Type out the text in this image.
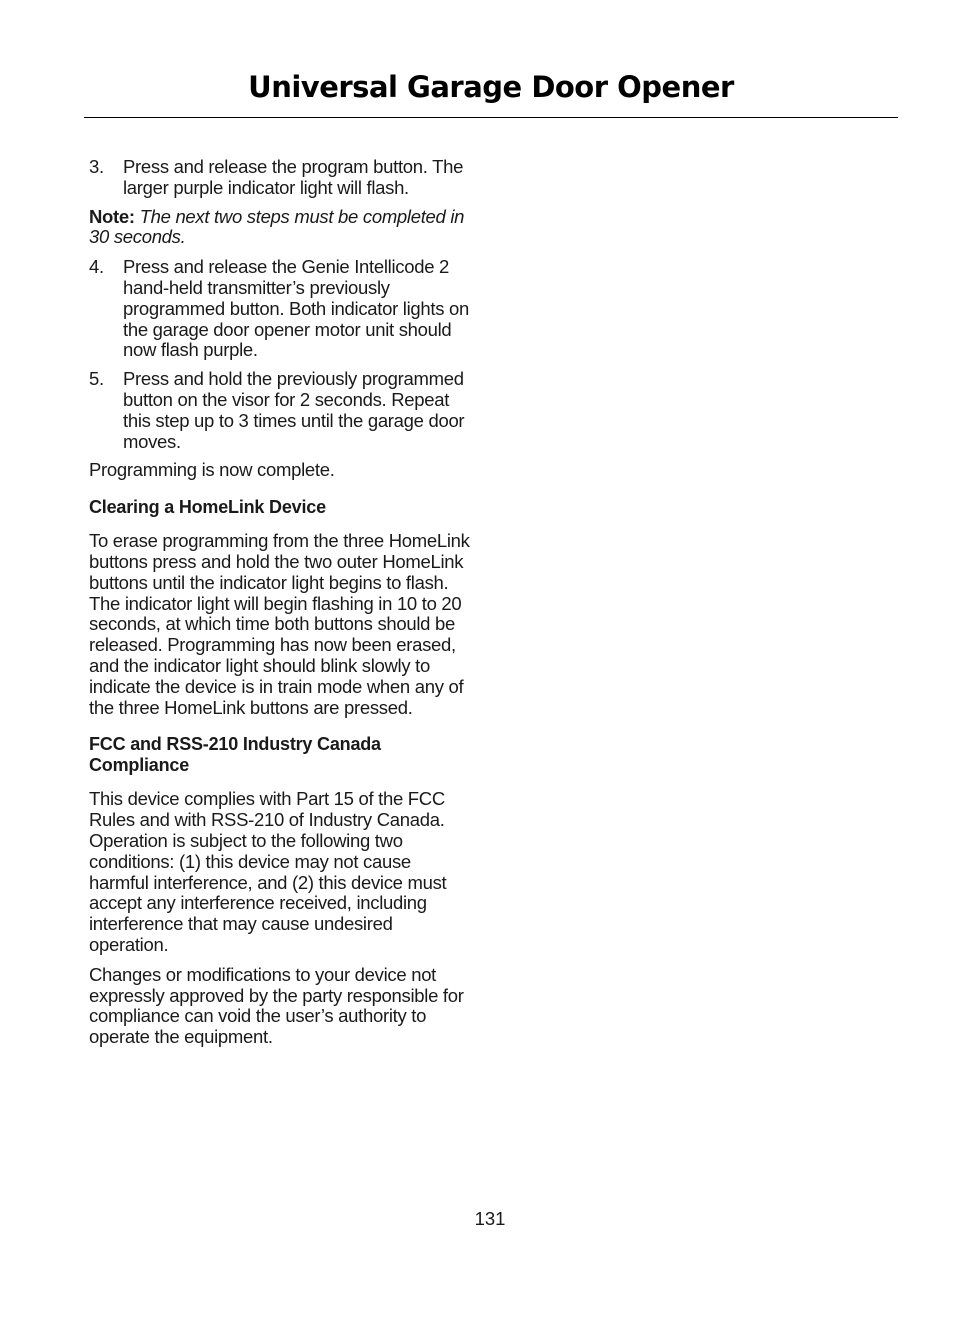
Universal Garage Door Opener
3.	Press and release the program button. The larger purple indicator light will flash.

Note: The next two steps must be completed in 30 seconds.

4.	Press and release the Genie Intellicode 2 hand-held transmitter’s previously programmed button. Both indicator lights on the garage door opener motor unit should now flash purple.
5.	Press and hold the previously programmed button on the visor for 2 seconds. Repeat this step up to 3 times until the garage door moves.

Programming is now complete.

Clearing a HomeLink Device

To erase programming from the three HomeLink buttons press and hold the two outer HomeLink buttons until the indicator light begins to flash. The indicator light will begin flashing in 10 to 20 seconds, at which time both buttons should be released. Programming has now been erased, and the indicator light should blink slowly to indicate the device is in train mode when any of the three HomeLink buttons are pressed.

FCC and RSS-210 Industry Canada Compliance

This device complies with Part 15 of the FCC Rules and with RSS-210 of Industry Canada. Operation is subject to the following two conditions: (1) this device may not cause harmful interference, and (2) this device must accept any interference received, including interference that may cause undesired operation.

Changes or modifications to your device not expressly approved by the party responsible for compliance can void the user’s authority to operate the equipment.

131
